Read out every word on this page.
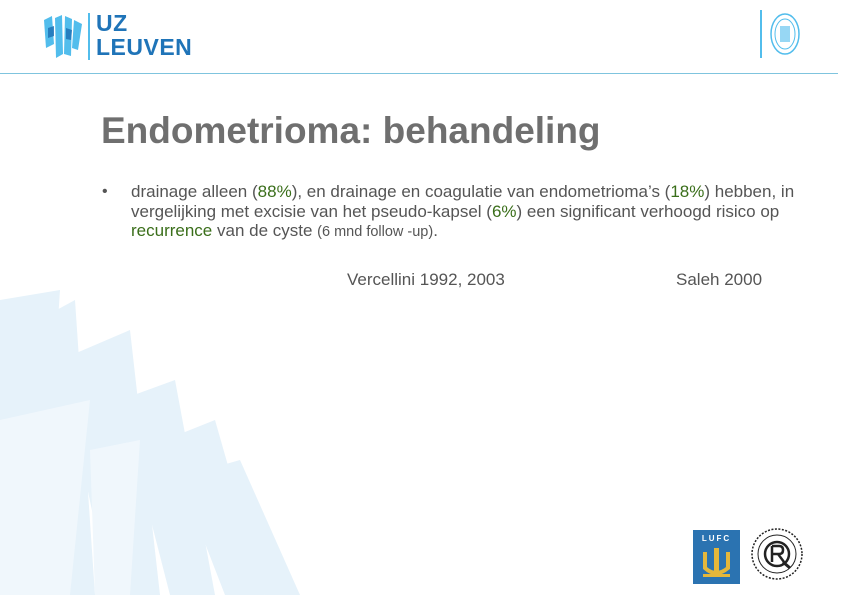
UZ
LEUVEN
Endometrioma: behandeling
• drainage alleen (88%), en drainage en coagulatie van endometrioma’s (18%) hebben, in vergelijking met excisie van het pseudo-kapsel (6%) een significant verhoogd risico op recurrence van de cyste (6 mnd follow -up).

Vercellini 1992, 2003	Saleh 2000
LUFC
